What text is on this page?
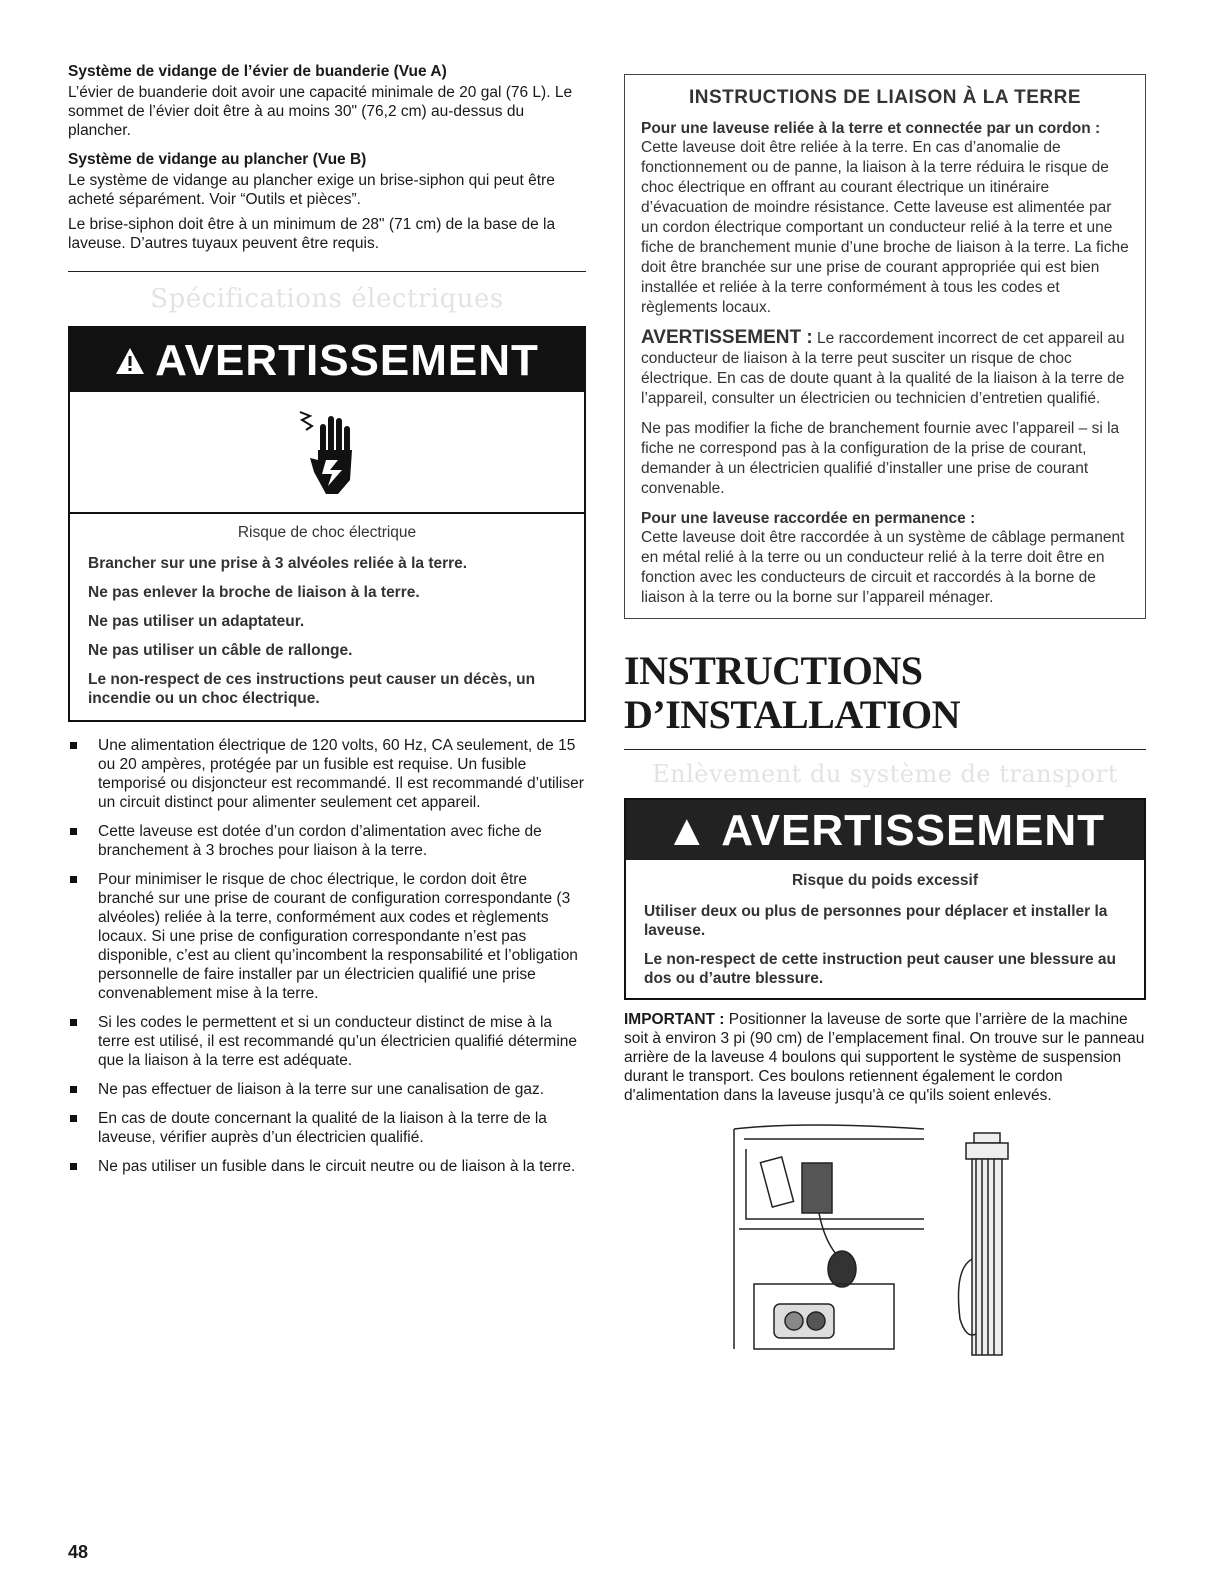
Système de vidange de l’évier de buanderie (Vue A)

L’évier de buanderie doit avoir une capacité minimale de 20 gal (76 L). Le sommet de l’évier doit être à au moins 30" (76,2 cm) au-dessus du plancher.

Système de vidange au plancher (Vue B)

Le système de vidange au plancher exige un brise-siphon qui peut être acheté séparément. Voir “Outils et pièces”.

Le brise-siphon doit être à un minimum de 28" (71 cm) de la base de la laveuse. D’autres tuyaux peuvent être requis.

Spécifications électriques
AVERTISSEMENT
Risque de choc électrique
Brancher sur une prise à 3 alvéoles reliée à la terre.
Ne pas enlever la broche de liaison à la terre.
Ne pas utiliser un adaptateur.
Ne pas utiliser un câble de rallonge.
Le non-respect de ces instructions peut causer un décès, un incendie ou un choc électrique.
Une alimentation électrique de 120 volts, 60 Hz, CA seulement, de 15 ou 20 ampères, protégée par un fusible est requise. Un fusible temporisé ou disjoncteur est recommandé. Il est recommandé d’utiliser un circuit distinct pour alimenter seulement cet appareil.
Cette laveuse est dotée d’un cordon d’alimentation avec fiche de branchement à 3 broches pour liaison à la terre.
Pour minimiser le risque de choc électrique, le cordon doit être branché sur une prise de courant de configuration correspondante (3 alvéoles) reliée à la terre, conformément aux codes et règlements locaux. Si une prise de configuration correspondante n’est pas disponible, c’est au client qu’incombent la responsabilité et l’obligation personnelle de faire installer par un électricien qualifié une prise convenablement mise à la terre.
Si les codes le permettent et si un conducteur distinct de mise à la terre est utilisé, il est recommandé qu’un électricien qualifié détermine que la liaison à la terre est adéquate.
Ne pas effectuer de liaison à la terre sur une canalisation de gaz.
En cas de doute concernant la qualité de la liaison à la terre de la laveuse, vérifier auprès d’un électricien qualifié.
Ne pas utiliser un fusible dans le circuit neutre ou de liaison à la terre.
INSTRUCTIONS DE LIAISON À LA TERRE
Pour une laveuse reliée à la terre et connectée par un cordon :
Cette laveuse doit être reliée à la terre. En cas d’anomalie de fonctionnement ou de panne, la liaison à la terre réduira le risque de choc électrique en offrant au courant électrique un itinéraire d’évacuation de moindre résistance. Cette laveuse est alimentée par un cordon électrique comportant un conducteur relié à la terre et une fiche de branchement munie d’une broche de liaison à la terre. La fiche doit être branchée sur une prise de courant appropriée qui est bien installée et reliée à la terre conformément à tous les codes et règlements locaux.
AVERTISSEMENT : Le raccordement incorrect de cet appareil au conducteur de liaison à la terre peut susciter un risque de choc électrique. En cas de doute quant à la qualité de la liaison à la terre de l’appareil, consulter un électricien ou technicien d’entretien qualifié.
Ne pas modifier la fiche de branchement fournie avec l’appareil – si la fiche ne correspond pas à la configuration de la prise de courant, demander à un électricien qualifié d’installer une prise de courant convenable.
Pour une laveuse raccordée en permanence :
Cette laveuse doit être raccordée à un système de câblage permanent en métal relié à la terre ou un conducteur relié à la terre doit être en fonction avec les conducteurs de circuit et raccordés à la borne de liaison à la terre ou la borne sur l’appareil ménager.
INSTRUCTIONS D’INSTALLATION
Enlèvement du système de transport
▲ AVERTISSEMENT
Risque du poids excessif
Utiliser deux ou plus de personnes pour déplacer et installer la laveuse.
Le non-respect de cette instruction peut causer une blessure au dos ou d’autre blessure.
IMPORTANT : Positionner la laveuse de sorte que l’arrière de la machine soit à environ 3 pi (90 cm) de l’emplacement final. On trouve sur le panneau arrière de la laveuse 4 boulons qui supportent le système de suspension durant le transport. Ces boulons retiennent également le cordon d'alimentation dans la laveuse jusqu'à ce qu'ils soient enlevés.
48
